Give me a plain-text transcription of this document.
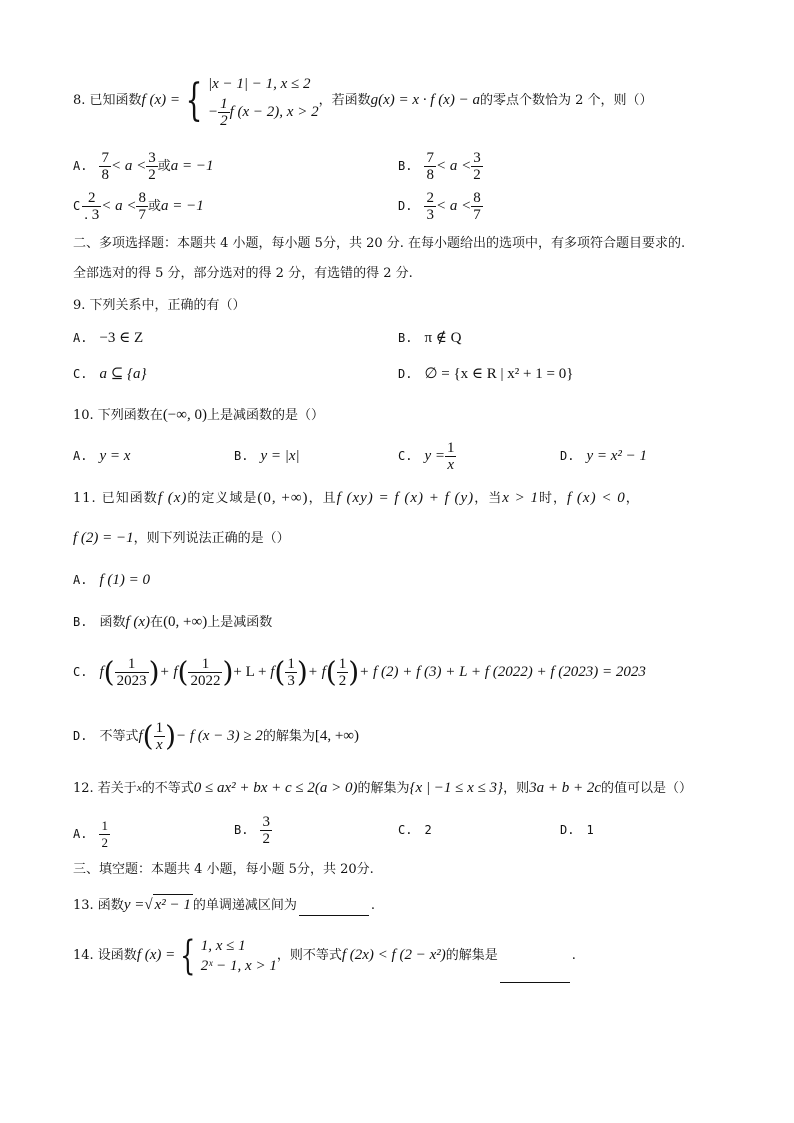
8. 已知函数f (x) = { |x − 1| − 1, x ≤ 2
− $\frac{1}{2}$ f (x − 2), x > 2
，若函数g(x) = x · f (x) − a的零点个数恰为 2 个，则（）
A. $\frac{7}{8} < a < \frac{3}{2}$ 或a = −1	B. $\frac{7}{8} < a < \frac{3}{2}$
C $\frac{2}{. 3} < a < \frac{8}{7}$ 或a = −1	D. $\frac{2}{3} < a < \frac{8}{7}$
二、多项选择题：本题共 4 小题，每小题 5分，共 20 分. 在每小题给出的选项中，有多项符合题目要求的.
全部选对的得 5 分，部分选对的得 2 分，有选错的得 2 分.
9. 下列关系中，正确的有（）
A. −3 ∈ Z	B. π ∉ Q
C. a ⊆ {a}	D. ∅ = {x ∈ R | x² + 1 = 0}
10. 下列函数在(−∞, 0)上是减函数的是（）
A. y = x	B. y = |x|	C. $y = \frac{1}{x}$	D. y = x² − 1
11. 已知函数f (x)的定义域是(0, +∞)，且f (xy) = f (x) + f (y)，当x > 1时，f (x) < 0，
f (2) = −1，则下列说法正确的是（）
A. f (1) = 0
B. 函数f (x)在(0, +∞)上是减函数
C. $f( \frac{1}{2023}$ )+ $f( \frac{1}{2022}$ )+ $L + f( \frac{1}{3}$ )+ $f( \frac{1}{2}$ )+ f (2) + f (3) + L + f (2022) + f (2023) = 2023
D. 不等式$f( \frac{1}{x}$ )− f (x − 3) ≥ 2的解集为[4, +∞)
12. 若关于$^x$的不等式0 ≤ ax² + bx + c ≤ 2(a > 0)的解集为{x | −1 ≤ x ≤ 3}，则3a + b + 2c的值可以是（）
A. $\frac{1}{2}$	B. $\frac{3}{2}$	C. 2	D. 1
三、填空题：本题共 4 小题，每小题 5分，共 20分.
13. 函数y =√ x² − 1 的单调递减区间为	.
14. 设函数f (x) = { 1, x ≤ 1
2ˣ − 1, x > 1
，则不等式f (2x) < f (2 − x²)的解集是	.
